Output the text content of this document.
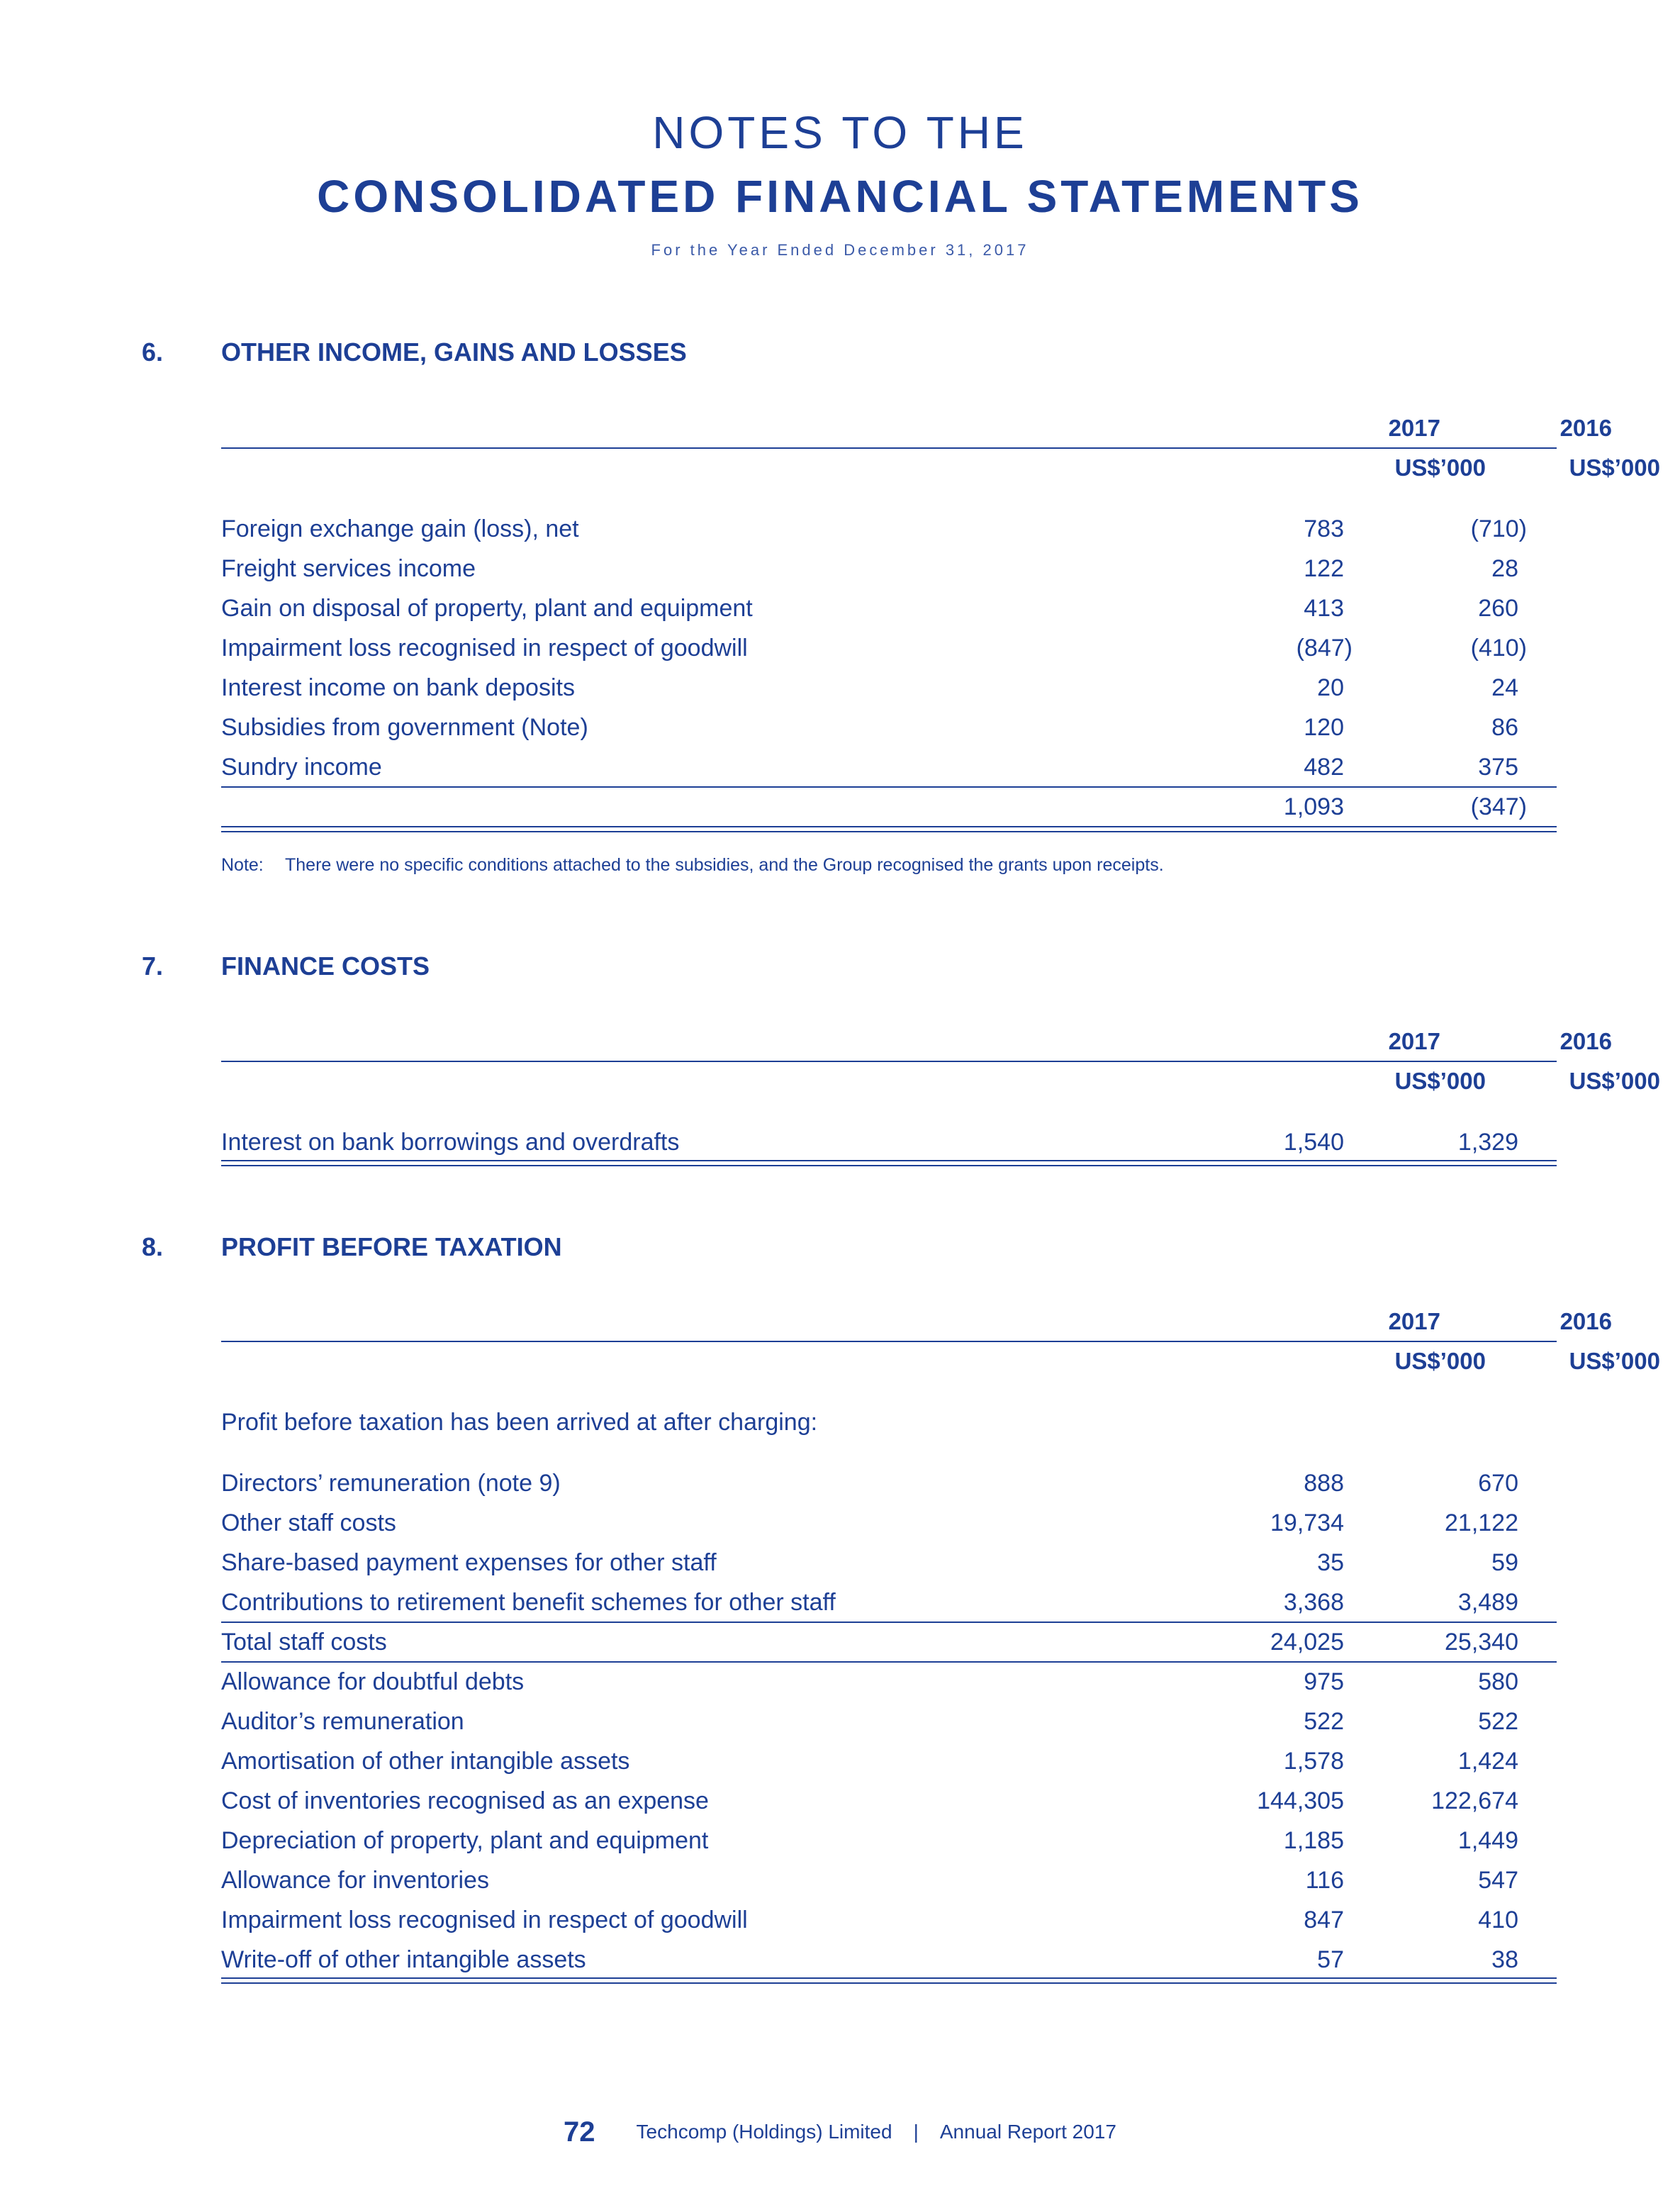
NOTES TO THE
CONSOLIDATED FINANCIAL STATEMENTS
For the Year Ended December 31, 2017
6. OTHER INCOME, GAINS AND LOSSES
2017	2016
US$’000	US$’000
Foreign exchange gain (loss), net	783	(710)
Freight services income	122	28
Gain on disposal of property, plant and equipment	413	260
Impairment loss recognised in respect of goodwill	(847)	(410)
Interest income on bank deposits	20	24
Subsidies from government (Note)	120	86
Sundry income	482	375
1,093	(347)
Note: There were no specific conditions attached to the subsidies, and the Group recognised the grants upon receipts.
7. FINANCE COSTS
2017	2016
US$’000	US$’000
Interest on bank borrowings and overdrafts	1,540	1,329
8. PROFIT BEFORE TAXATION
2017	2016
US$’000	US$’000
Profit before taxation has been arrived at after charging:
Directors’ remuneration (note 9)	888	670
Other staff costs	19,734	21,122
Share-based payment expenses for other staff	35	59
Contributions to retirement benefit schemes for other staff	3,368	3,489
Total staff costs	24,025	25,340
Allowance for doubtful debts	975	580
Auditor’s remuneration	522	522
Amortisation of other intangible assets	1,578	1,424
Cost of inventories recognised as an expense	144,305	122,674
Depreciation of property, plant and equipment	1,185	1,449
Allowance for inventories	116	547
Impairment loss recognised in respect of goodwill	847	410
Write-off of other intangible assets	57	38
72 Techcomp (Holdings) Limited | Annual Report 2017
